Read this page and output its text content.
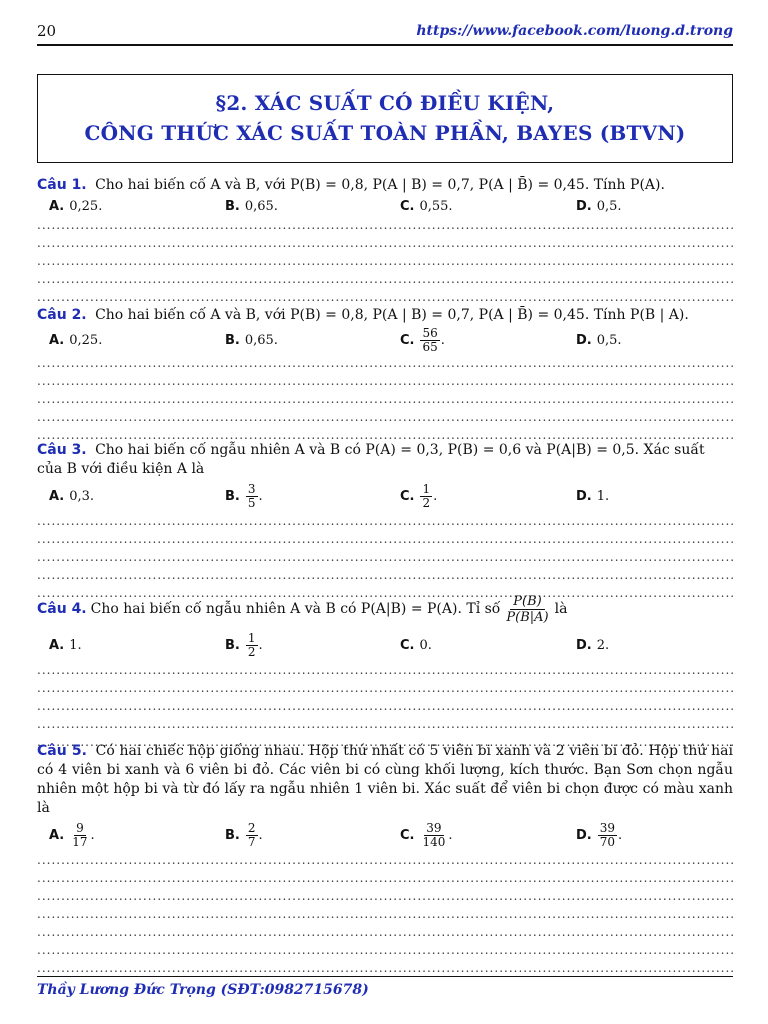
20	https://www.facebook.com/luong.d.trong
§2. XÁC SUẤT CÓ ĐIỀU KIỆN,
CÔNG THỨC XÁC SUẤT TOÀN PHẦN, BAYES (BTVN)
Câu 1. Cho hai biến cố A và B, với P(B) = 0,8, P(A | B) = 0,7, P(A | B̄) = 0,45. Tính P(A).
A. 0,25.	B. 0,65.	C. 0,55.	D. 0,5.
.....
.....
.....
.....
.....
Câu 2. Cho hai biến cố A và B, với P(B) = 0,8, P(A | B) = 0,7, P(A | B̄) = 0,45. Tính P(B | A).
A. 0,25.	B. 0,65.	C. $\frac{56}{65}$ .	D. 0,5.
.....
.....
.....
.....
.....
Câu 3. Cho hai biến cố ngẫu nhiên A và B có P(A) = 0,3, P(B) = 0,6 và P(A|B) = 0,5. Xác suất của B với điều kiện A là
A. 0,3.	B. $\frac{3}{5}$ .	C. $\frac{1}{2}$ .	D. 1.
.....
.....
.....
.....
.....
Câu 4. Cho hai biến cố ngẫu nhiên A và B có P(A|B) = P(A). Tỉ số P(B)
P(B|A)
là
A. 1.	B. $\frac{1}{2}$ .	C. 0.	D. 2.
.....
.....
.....
.....
.....
Câu 5. Có hai chiếc hộp giống nhau. Hộp thứ nhất có 5 viên bi xanh và 2 viên bi đỏ. Hộp thứ hai có 4 viên bi xanh và 6 viên bi đỏ. Các viên bi có cùng khối lượng, kích thước. Bạn Sơn chọn ngẫu nhiên một hộp bi và từ đó lấy ra ngẫu nhiên 1 viên bi. Xác suất để viên bi chọn được có màu xanh là
A. $\frac{9}{17}$ .	B. $\frac{2}{7}$ .	C. $\frac{39}{140}$ .	D. $\frac{39}{70}$ .
.....
.....
.....
.....
.....
.....
.....
Thầy Lương Đức Trọng (SĐT:0982715678)
